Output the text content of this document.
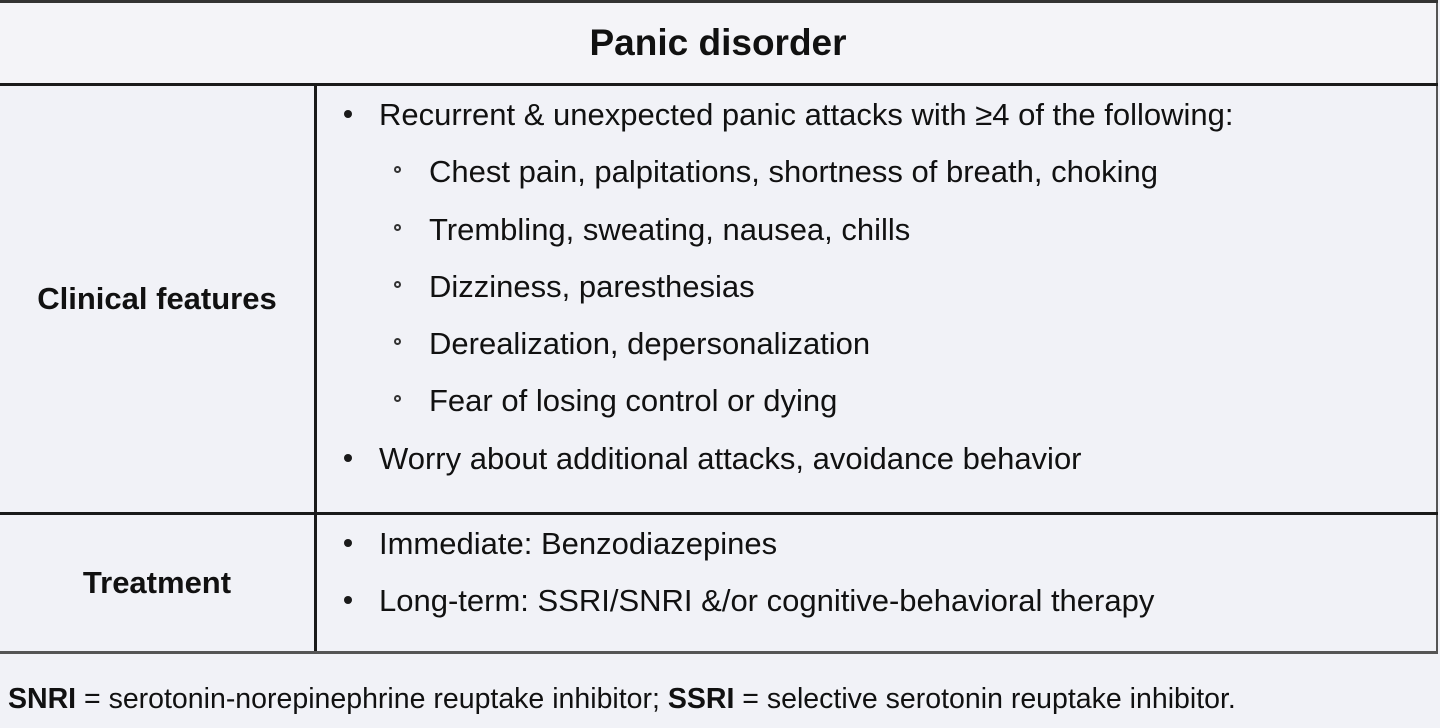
Panic disorder	
Clinical features	
Recurrent & unexpected panic attacks with ≥4 of the following:
Chest pain, palpitations, shortness of breath, choking
Trembling, sweating, nausea, chills
Dizziness, paresthesias
Derealization, depersonalization
Fear of losing control or dying
Worry about additional attacks, avoidance behavior

Treatment	
Immediate: Benzodiazepines
Long-term: SSRI/SNRI &/or cognitive-behavioral therapy
SNRI = serotonin-norepinephrine reuptake inhibitor; SSRI = selective serotonin reuptake inhibitor.
